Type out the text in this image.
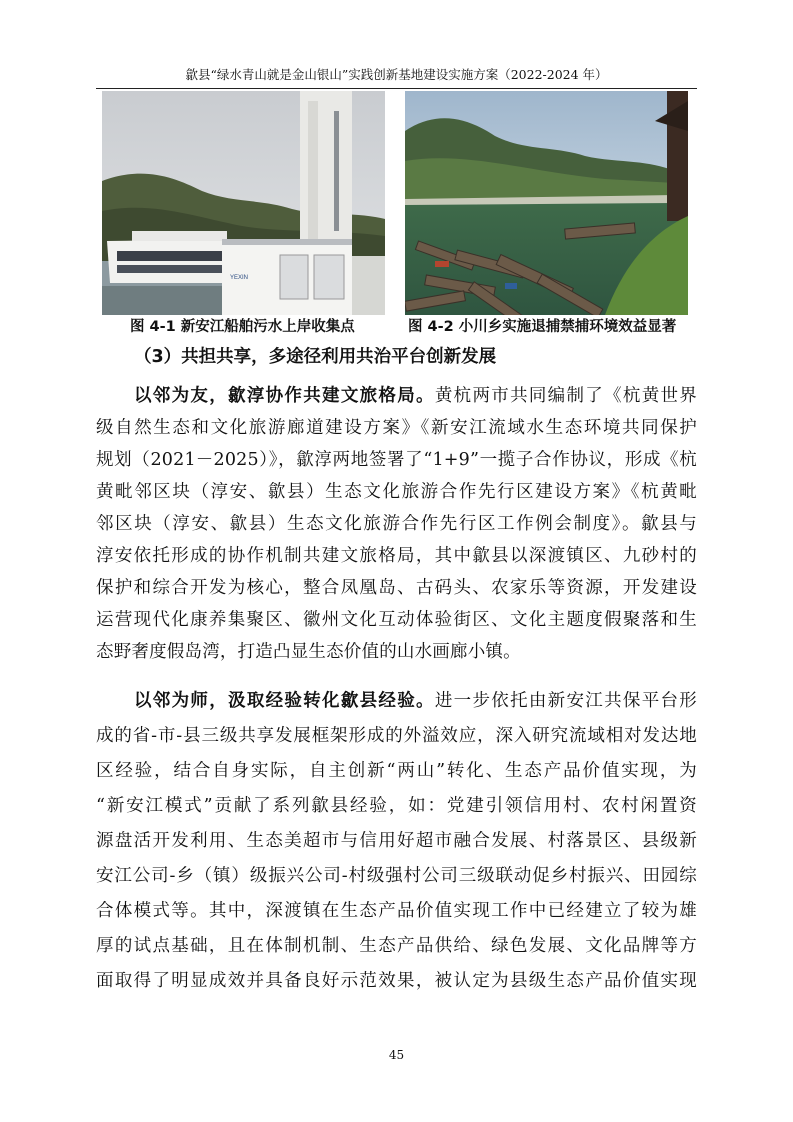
歙县“绿水青山就是金山银山”实践创新基地建设实施方案（2022-2024 年）
YEXIN
图 4-1 新安江船舶污水上岸收集点	图 4-2 小川乡实施退捕禁捕环境效益显著
（3）共担共享，多途径利用共治平台创新发展
以邻为友，歙淳协作共建文旅格局。黄杭两市共同编制了《杭黄世界
级自然生态和文化旅游廊道建设方案》《新安江流域水生态环境共同保护
规划（2021－2025）》，歙淳两地签署了“1+9”一揽子合作协议，形成《杭
黄毗邻区块（淳安、歙县）生态文化旅游合作先行区建设方案》《杭黄毗
邻区块（淳安、歙县）生态文化旅游合作先行区工作例会制度》。歙县与
淳安依托形成的协作机制共建文旅格局，其中歙县以深渡镇区、九砂村的
保护和综合开发为核心，整合凤凰岛、古码头、农家乐等资源，开发建设
运营现代化康养集聚区、徽州文化互动体验街区、文化主题度假聚落和生
态野奢度假岛湾，打造凸显生态价值的山水画廊小镇。
以邻为师，汲取经验转化歙县经验。进一步依托由新安江共保平台形
成的省-市-县三级共享发展框架形成的外溢效应，深入研究流域相对发达地
区经验，结合自身实际，自主创新“两山”转化、生态产品价值实现，为
“新安江模式”贡献了系列歙县经验，如：党建引领信用村、农村闲置资
源盘活开发利用、生态美超市与信用好超市融合发展、村落景区、县级新
安江公司-乡（镇）级振兴公司-村级强村公司三级联动促乡村振兴、田园综
合体模式等。其中，深渡镇在生态产品价值实现工作中已经建立了较为雄
厚的试点基础，且在体制机制、生态产品供给、绿色发展、文化品牌等方
面取得了明显成效并具备良好示范效果，被认定为县级生态产品价值实现
45
